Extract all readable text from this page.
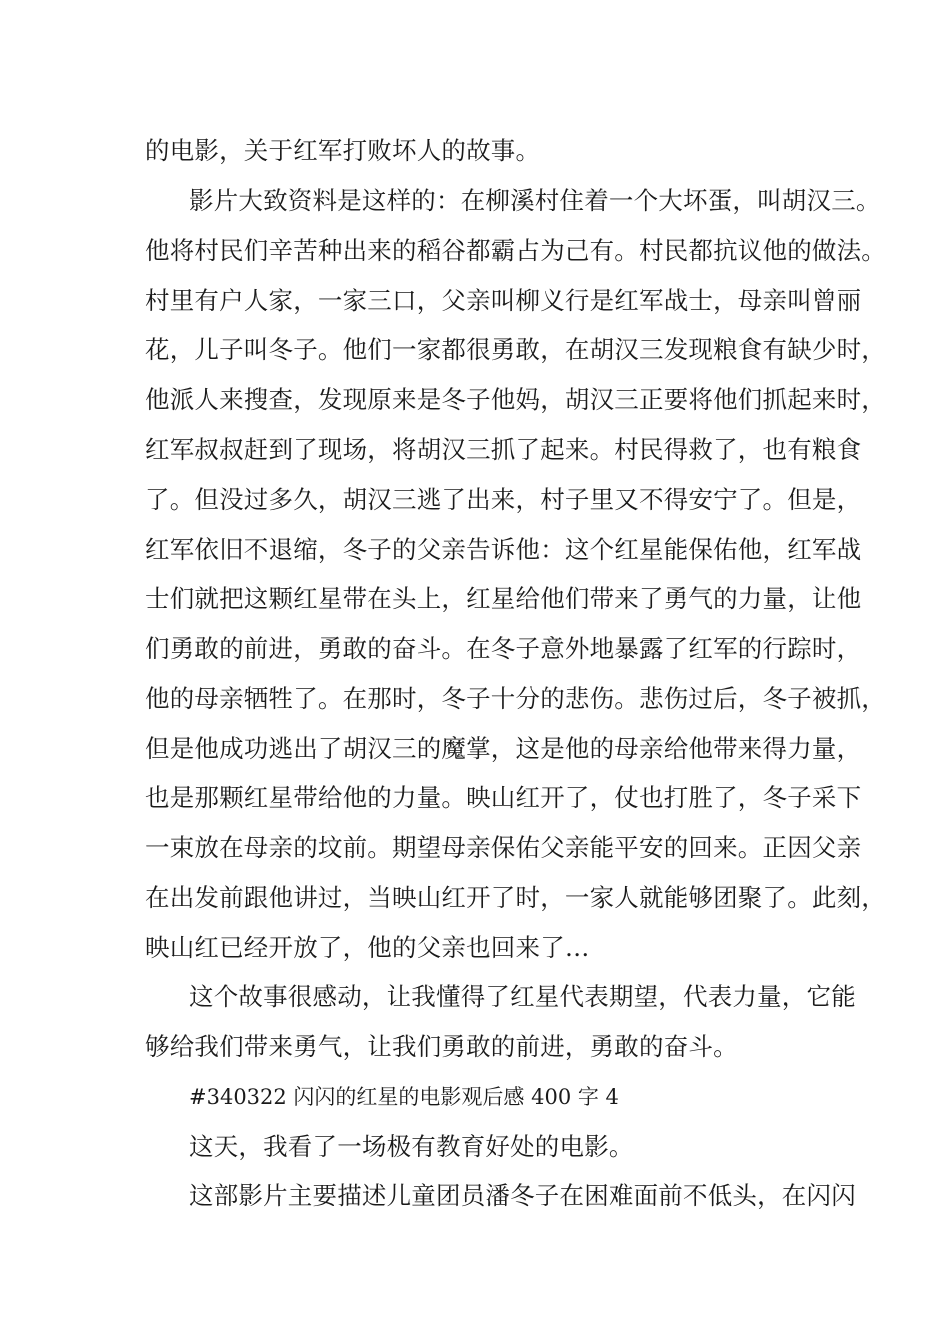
的电影，关于红军打败坏人的故事。
影片大致资料是这样的：在柳溪村住着一个大坏蛋，叫胡汉三。
他将村民们辛苦种出来的稻谷都霸占为己有。村民都抗议他的做法。
村里有户人家，一家三口，父亲叫柳义行是红军战士，母亲叫曾丽
花，儿子叫冬子。他们一家都很勇敢，在胡汉三发现粮食有缺少时，
他派人来搜查，发现原来是冬子他妈，胡汉三正要将他们抓起来时，
红军叔叔赶到了现场，将胡汉三抓了起来。村民得救了，也有粮食
了。但没过多久，胡汉三逃了出来，村子里又不得安宁了。但是，
红军依旧不退缩，冬子的父亲告诉他：这个红星能保佑他，红军战
士们就把这颗红星带在头上，红星给他们带来了勇气的力量，让他
们勇敢的前进，勇敢的奋斗。在冬子意外地暴露了红军的行踪时，
他的母亲牺牲了。在那时，冬子十分的悲伤。悲伤过后，冬子被抓，
但是他成功逃出了胡汉三的魔掌，这是他的母亲给他带来得力量，
也是那颗红星带给他的力量。映山红开了，仗也打胜了，冬子采下
一束放在母亲的坟前。期望母亲保佑父亲能平安的回来。正因父亲
在出发前跟他讲过，当映山红开了时，一家人就能够团聚了。此刻，
映山红已经开放了，他的父亲也回来了…
这个故事很感动，让我懂得了红星代表期望，代表力量，它能
够给我们带来勇气，让我们勇敢的前进，勇敢的奋斗。
#340322 闪闪的红星的电影观后感 400 字 4
这天，我看了一场极有教育好处的电影。
这部影片主要描述儿童团员潘冬子在困难面前不低头，在闪闪
